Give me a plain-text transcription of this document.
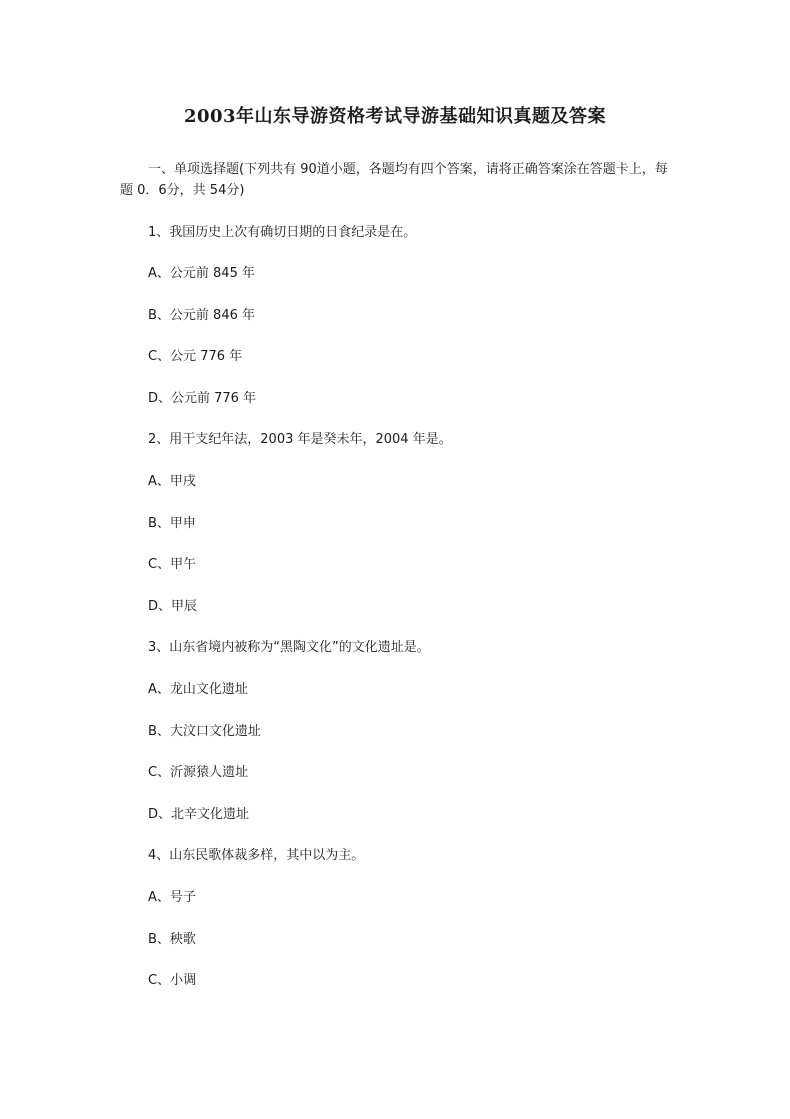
2003年山东导游资格考试导游基础知识真题及答案
一、单项选择题(下列共有 90道小题，各题均有四个答案，请将正确答案涂在答题卡上，每题 0．6分，共 54分)
1、我国历史上次有确切日期的日食纪录是在。
A、公元前 845 年
B、公元前 846 年
C、公元 776 年
D、公元前 776 年
2、用干支纪年法，2003 年是癸未年，2004 年是。
A、甲戌
B、甲申
C、甲午
D、甲辰
3、山东省境内被称为“黑陶文化”的文化遗址是。
A、龙山文化遗址
B、大汶口文化遗址
C、沂源猿人遗址
D、北辛文化遗址
4、山东民歌体裁多样，其中以为主。
A、号子
B、秧歌
C、小调
